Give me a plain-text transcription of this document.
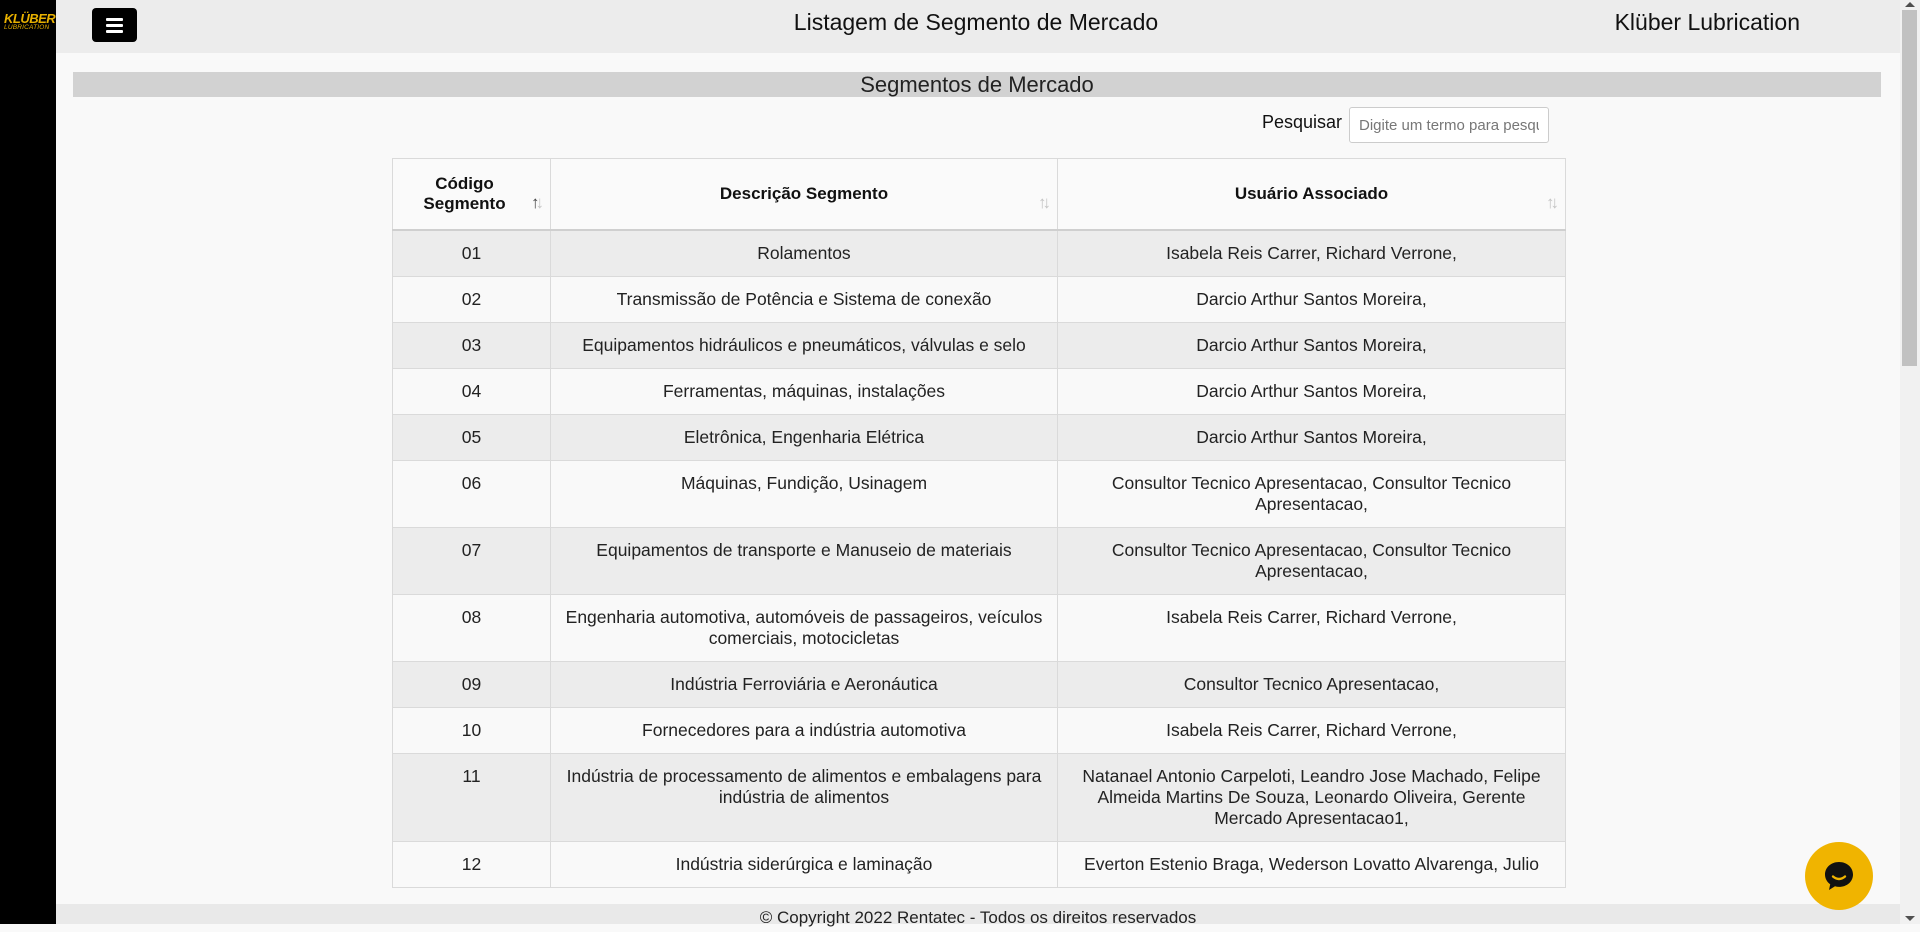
KLÜBER
LUBRICATION	Listagem de Segmento de Mercado	Klüber Lubrication
Segmentos de Mercado
Pesquisar
Digite um termo para pesquisar
Código Segmento ↑↓	Descrição Segmento ↑↓	Usuário Associado ↑↓

01	Rolamentos	Isabela Reis Carrer, Richard Verrone,
02	Transmissão de Potência e Sistema de conexão	Darcio Arthur Santos Moreira,
03	Equipamentos hidráulicos e pneumáticos, válvulas e selo	Darcio Arthur Santos Moreira,
04	Ferramentas, máquinas, instalações	Darcio Arthur Santos Moreira,
05	Eletrônica, Engenharia Elétrica	Darcio Arthur Santos Moreira,
06	Máquinas, Fundição, Usinagem	Consultor Tecnico Apresentacao, Consultor Tecnico Apresentacao,
07	Equipamentos de transporte e Manuseio de materiais	Consultor Tecnico Apresentacao, Consultor Tecnico Apresentacao,
08	Engenharia automotiva, automóveis de passageiros, veículos comerciais, motocicletas	Isabela Reis Carrer, Richard Verrone,
09	Indústria Ferroviária e Aeronáutica	Consultor Tecnico Apresentacao,
10	Fornecedores para a indústria automotiva	Isabela Reis Carrer, Richard Verrone,
11	Indústria de processamento de alimentos e embalagens para indústria de alimentos	Natanael Antonio Carpeloti, Leandro Jose Machado, Felipe Almeida Martins De Souza, Leonardo Oliveira, Gerente Mercado Apresentacao1,
12	Indústria siderúrgica e laminação	Everton Estenio Braga, Wederson Lovatto Alvarenga, Julio
© Copyright 2022 Rentatec - Todos os direitos reservados
